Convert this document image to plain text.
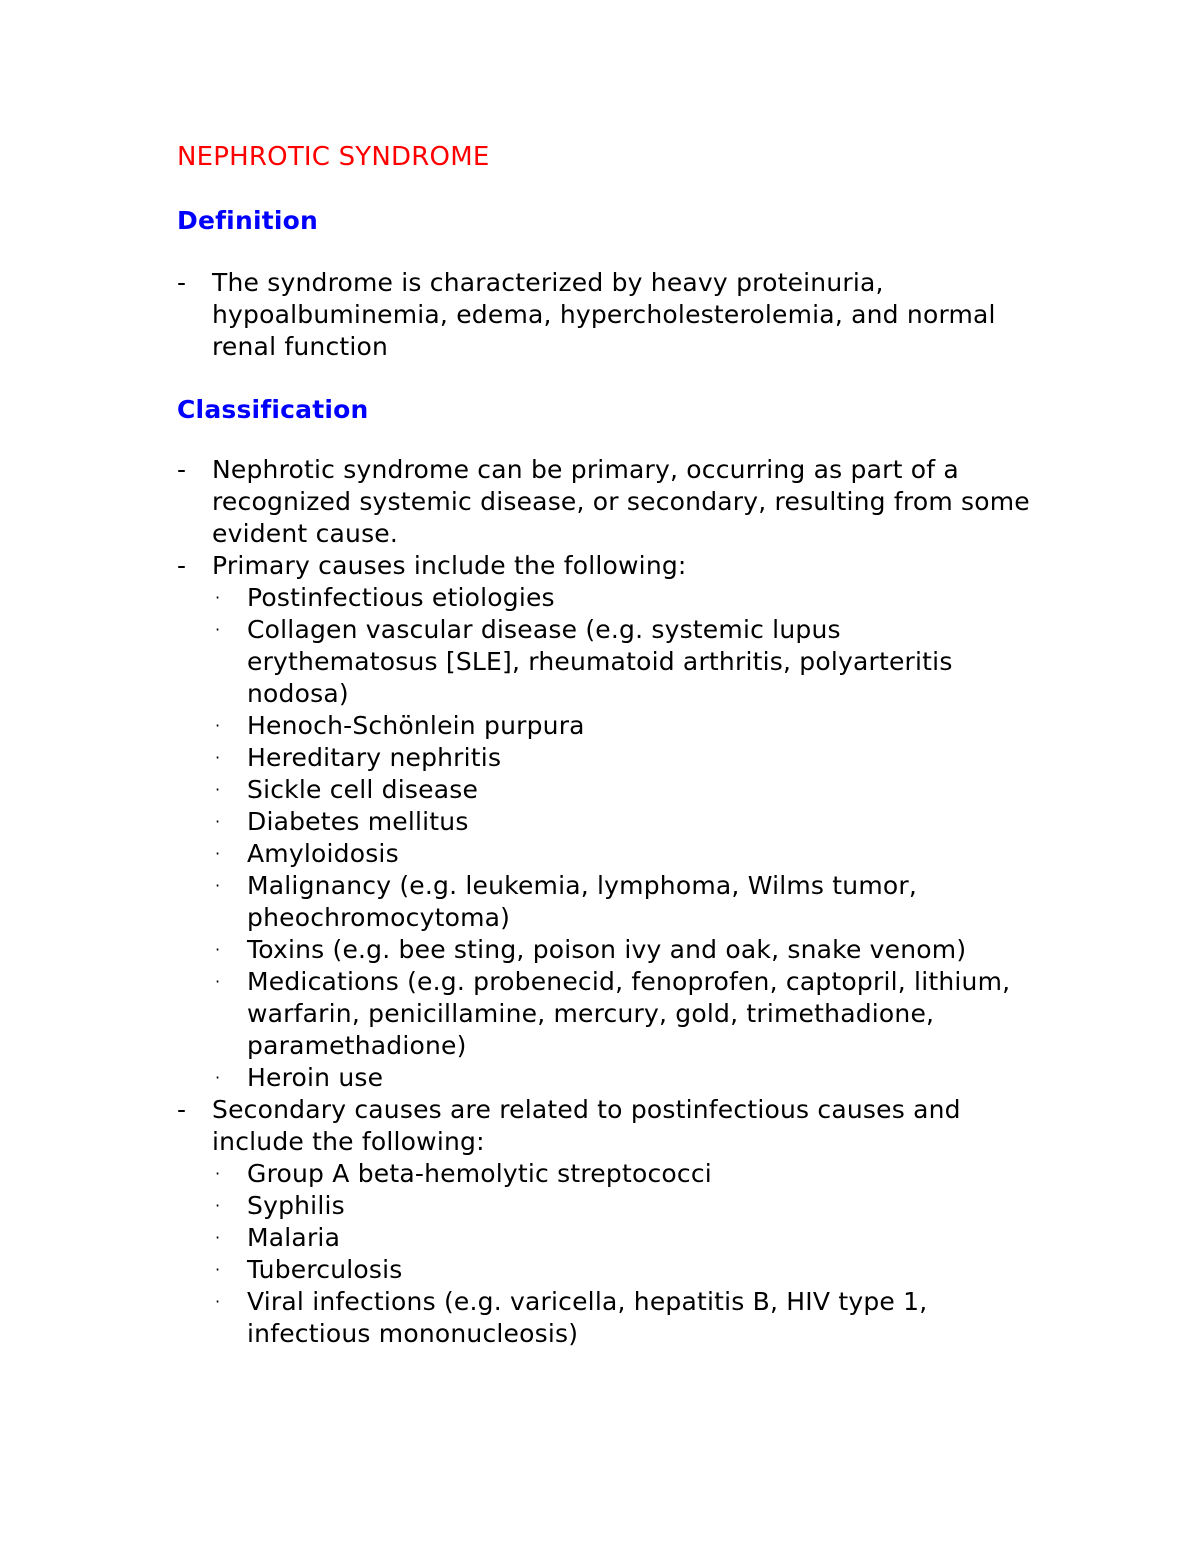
NEPHROTIC SYNDROME
Definition
-	The syndrome is characterized by heavy proteinuria, hypoalbuminemia, edema, hypercholesterolemia, and normal renal function
Classification
-	Nephrotic syndrome can be primary, occurring as part of a recognized systemic disease, or secondary, resulting from some evident cause.
-	Primary causes include the following:
·	Postinfectious etiologies
·	Collagen vascular disease (e.g. systemic lupus erythematosus [SLE], rheumatoid arthritis, polyarteritis nodosa)
·	Henoch-Schönlein purpura
·	Hereditary nephritis
·	Sickle cell disease
·	Diabetes mellitus
·	Amyloidosis
·	Malignancy (e.g. leukemia, lymphoma, Wilms tumor, pheochromocytoma)
·	Toxins (e.g. bee sting, poison ivy and oak, snake venom)
·	Medications (e.g. probenecid, fenoprofen, captopril, lithium, warfarin, penicillamine, mercury, gold, trimethadione, paramethadione)
·	Heroin use
-	Secondary causes are related to postinfectious causes and include the following:
·	Group A beta-hemolytic streptococci
·	Syphilis
·	Malaria
·	Tuberculosis
·	Viral infections (e.g. varicella, hepatitis B, HIV type 1, infectious mononucleosis)
